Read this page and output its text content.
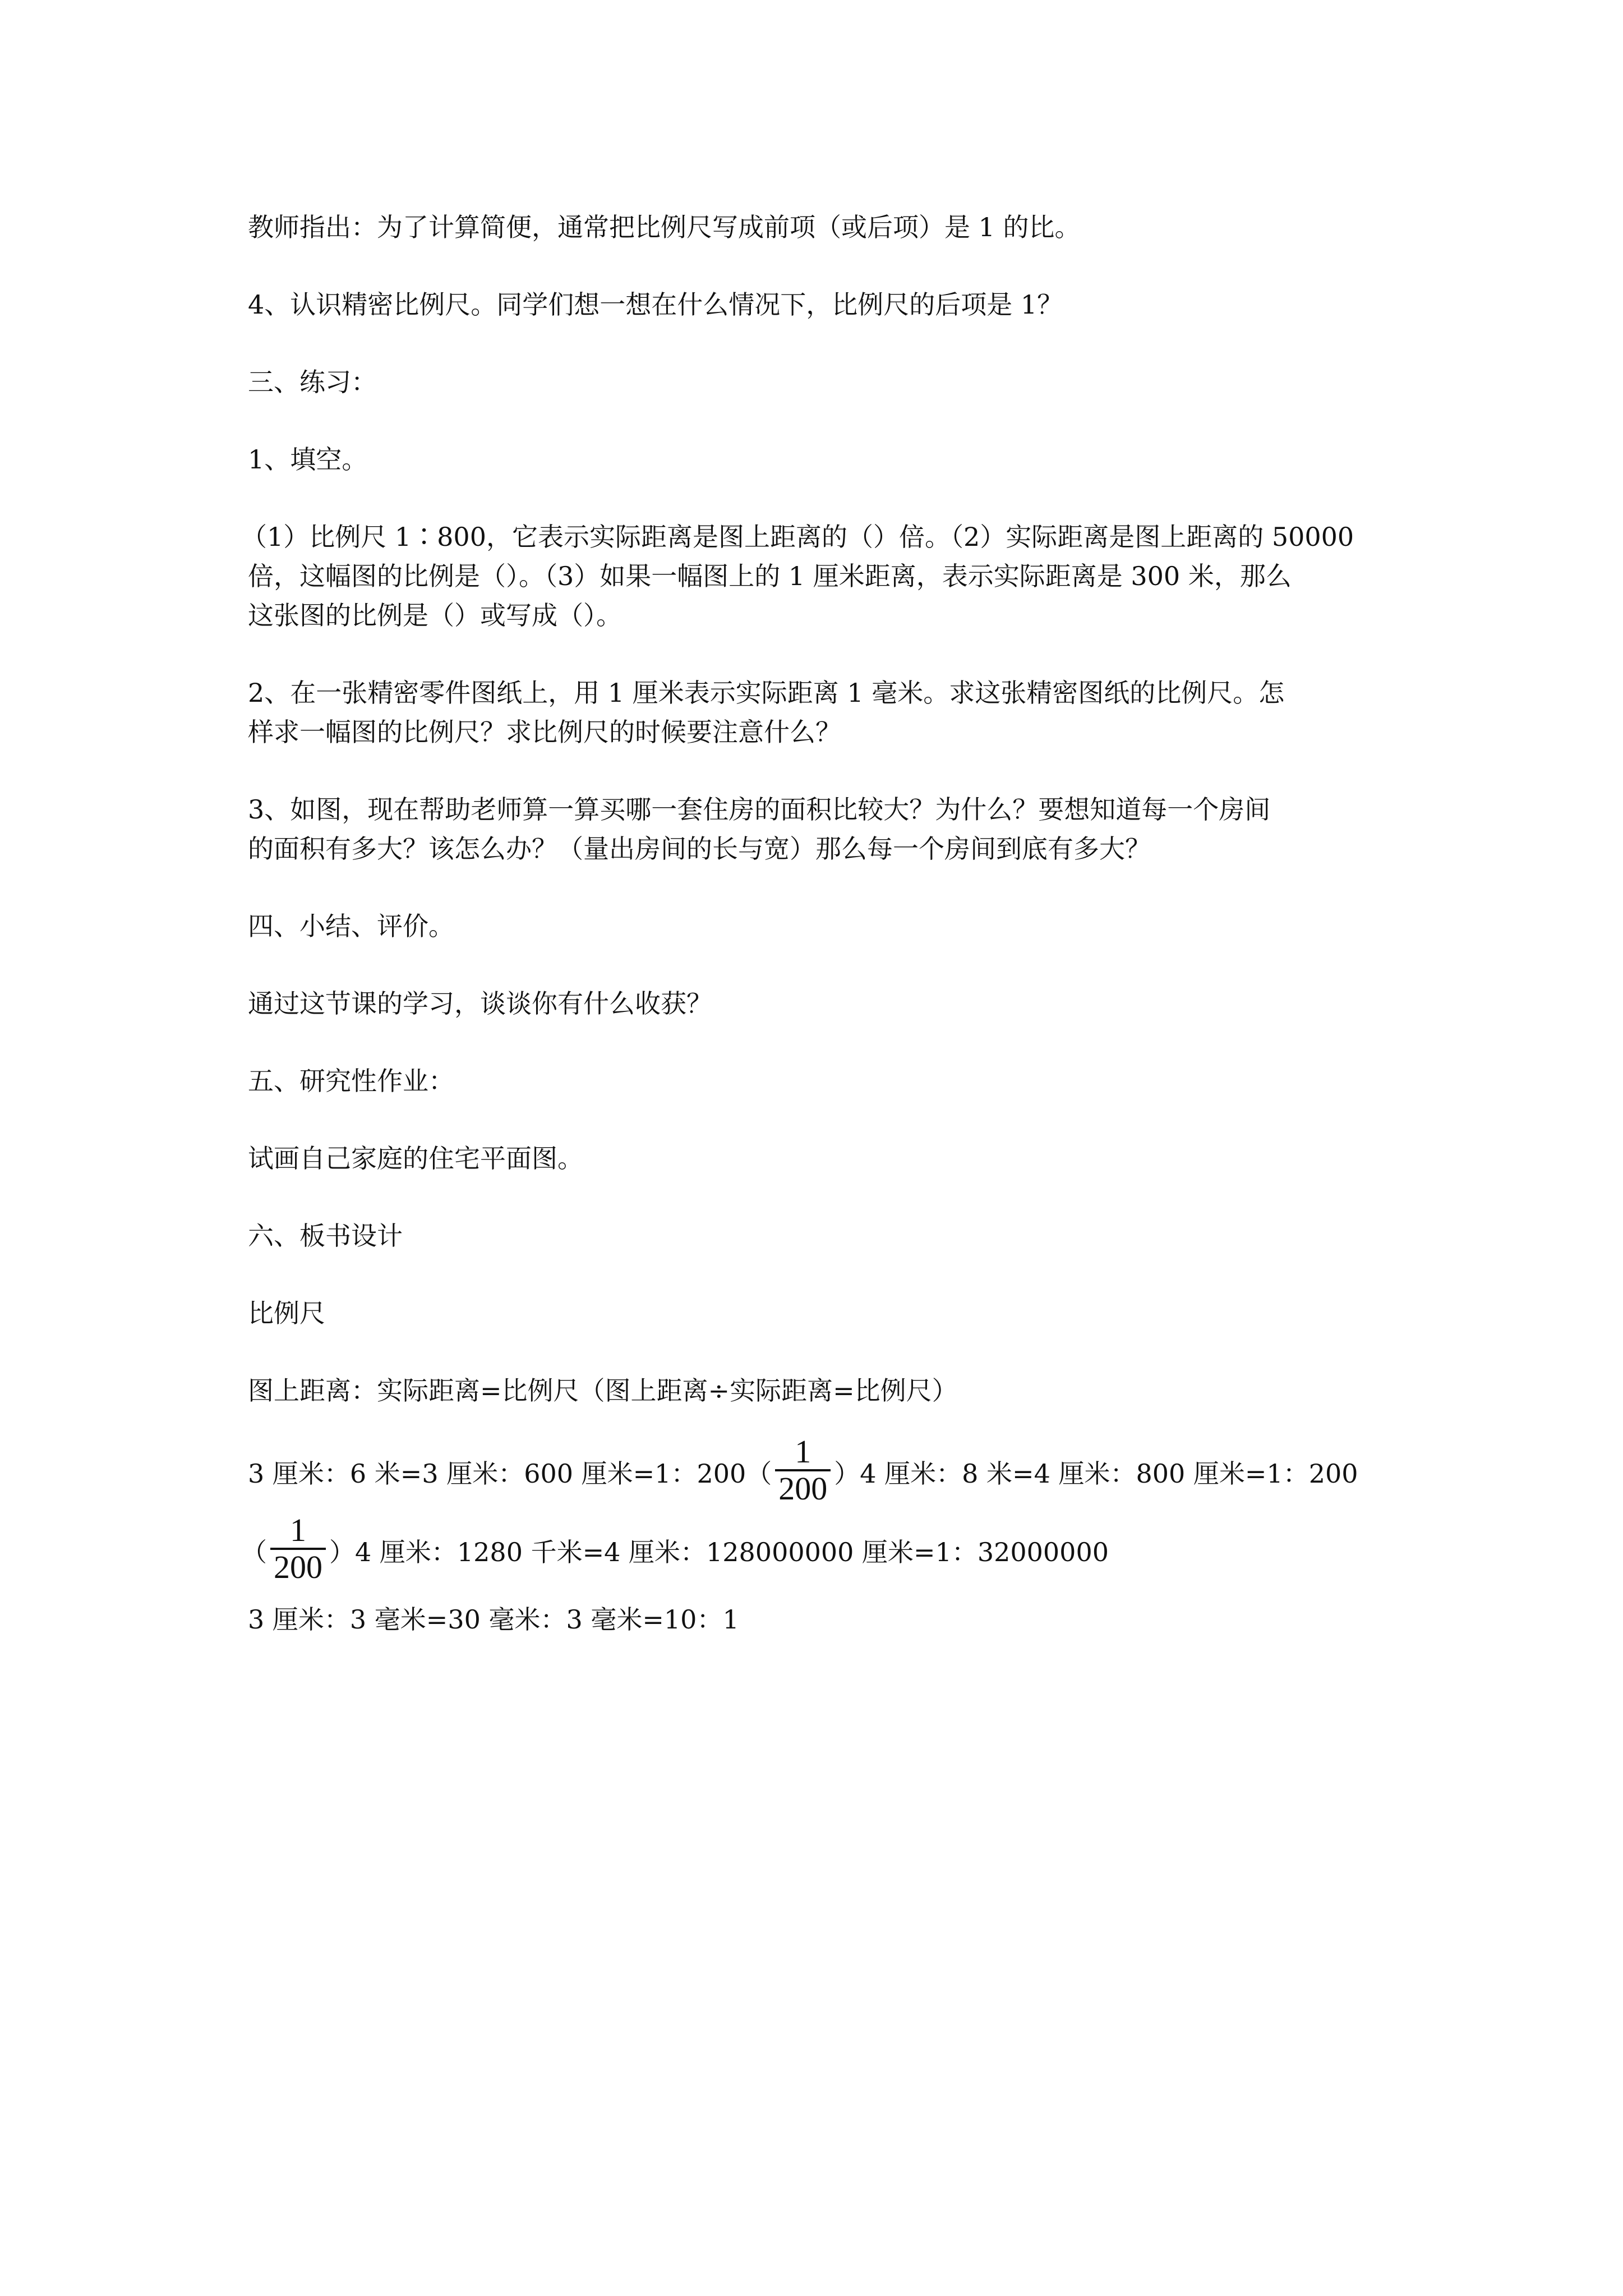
教师指出：为了计算简便，通常把比例尺写成前项（或后项）是 1 的比。

4、认识精密比例尺。同学们想一想在什么情况下，比例尺的后项是 1？

三、练习：

1、填空。

（1）比例尺 1∶800，它表示实际距离是图上距离的（）倍。（2）实际距离是图上距离的 50000
倍，这幅图的比例是（）。（3）如果一幅图上的 1 厘米距离，表示实际距离是 300 米，那么
这张图的比例是（）或写成（）。

2、在一张精密零件图纸上，用 1 厘米表示实际距离 1 毫米。求这张精密图纸的比例尺。怎
样求一幅图的比例尺？求比例尺的时候要注意什么？

3、如图，现在帮助老师算一算买哪一套住房的面积比较大？为什么？要想知道每一个房间
的面积有多大？该怎么办？（量出房间的长与宽）那么每一个房间到底有多大？

四、小结、评价。

通过这节课的学习，谈谈你有什么收获？

五、研究性作业：

试画自己家庭的住宅平面图。

六、板书设计

比例尺

图上距离：实际距离=比例尺（图上距离÷实际距离=比例尺）

3 厘米：6 米=3 厘米：600 厘米=1：$200( \frac{1}{200} )4$ 厘米：8 米=4 厘米：800 厘米=1：200
（ $\frac{1}{200} )4$ 厘米：1280 千米=4 厘米：128000000 厘米=1：32000000

3 厘米：3 毫米=30 毫米：3 毫米=10：1
